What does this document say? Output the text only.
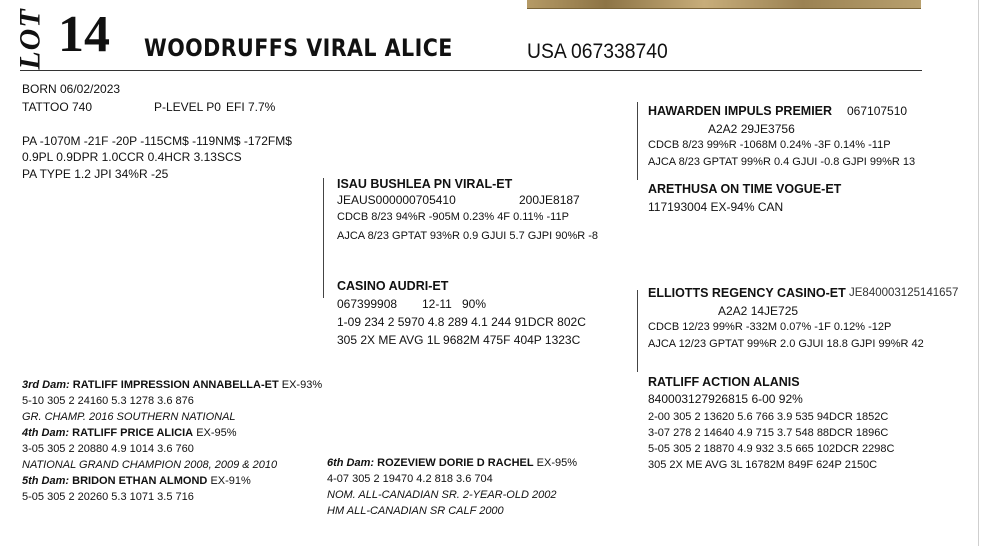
LOT 14 WOODRUFFS VIRAL ALICE	USA 067338740
BORN 06/02/2023
TATTOO 740	P-LEVEL P0 EFI 7.7%
PA -1070M -21F -20P -115CM$ -119NM$ -172FM$
0.9PL 0.9DPR 1.0CCR 0.4HCR 3.13SCS
PA TYPE 1.2 JPI 34%R -25
ISAU BUSHLEA PN VIRAL-ET
JEAUS000000705410	200JE8187
CDCB 8/23 94%R -905M 0.23% 4F 0.11% -11P
AJCA 8/23 GPTAT 93%R 0.9 GJUI 5.7 GJPI 90%R -8
CASINO AUDRI-ET
067399908 12-11 90%
1-09 234 2 5970 4.8 289 4.1 244 91DCR 802C
305 2X ME AVG 1L 9682M 475F 404P 1323C
HAWARDEN IMPULS PREMIER 067107510
A2A2 29JE3756
CDCB 8/23 99%R -1068M 0.24% -3F 0.14% -11P
AJCA 8/23 GPTAT 99%R 0.4 GJUI -0.8 GJPI 99%R 13
ARETHUSA ON TIME VOGUE-ET
117193004 EX-94% CAN
ELLIOTTS REGENCY CASINO-ET JE840003125141657
A2A2 14JE725
CDCB 12/23 99%R -332M 0.07% -1F 0.12% -12P
AJCA 12/23 GPTAT 99%R 2.0 GJUI 18.8 GJPI 99%R 42
RATLIFF ACTION ALANIS
840003127926815 6-00 92%
2-00 305 2 13620 5.6 766 3.9 535 94DCR 1852C
3-07 278 2 14640 4.9 715 3.7 548 88DCR 1896C
5-05 305 2 18870 4.9 932 3.5 665 102DCR 2298C
305 2X ME AVG 3L 16782M 849F 624P 2150C
3rd Dam: RATLIFF IMPRESSION ANNABELLA-ET EX-93%
5-10 305 2 24160 5.3 1278 3.6 876
GR. CHAMP. 2016 SOUTHERN NATIONAL
4th Dam: RATLIFF PRICE ALICIA EX-95%
3-05 305 2 20880 4.9 1014 3.6 760
NATIONAL GRAND CHAMPION 2008, 2009 & 2010
5th Dam: BRIDON ETHAN ALMOND EX-91%
5-05 305 2 20260 5.3 1071 3.5 716
6th Dam: ROZEVIEW DORIE D RACHEL EX-95%
4-07 305 2 19470 4.2 818 3.6 704
NOM. ALL-CANADIAN SR. 2-YEAR-OLD 2002
HM ALL-CANADIAN SR CALF 2000
